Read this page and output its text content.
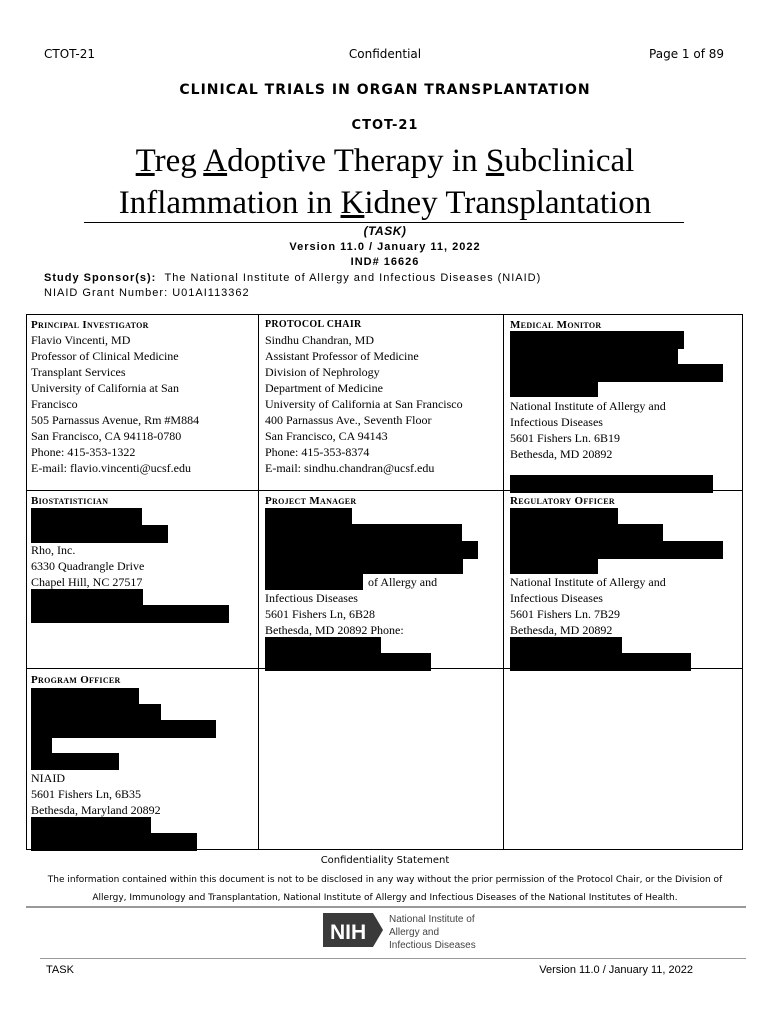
CTOT-21	Confidential	Page 1 of 89
CLINICAL TRIALS IN ORGAN TRANSPLANTATION
CTOT-21
Treg Adoptive Therapy in Subclinical
Inflammation in Kidney Transplantation
(TASK)
Version 11.0 / January 11, 2022
IND# 16626
Study Sponsor(s): The National Institute of Allergy and Infectious Diseases (NIAID)
NIAID Grant Number: U01AI113362
Principal Investigator
Flavio Vincenti, MD
Professor of Clinical Medicine
Transplant Services
University of California at San
Francisco
505 Parnassus Avenue, Rm #M884
San Francisco, CA 94118-0780
Phone: 415-353-1322
E-mail: flavio.vincenti@ucsf.edu
PROTOCOL CHAIR
Sindhu Chandran, MD
Assistant Professor of Medicine
Division of Nephrology
Department of Medicine
University of California at San Francisco
400 Parnassus Ave., Seventh Floor
San Francisco, CA 94143
Phone: 415-353-8374
E-mail: sindhu.chandran@ucsf.edu
Medical Monitor
National Institute of Allergy and
Infectious Diseases
5601 Fishers Ln. 6B19
Bethesda, MD 20892
Biostatistician
Rho, Inc.
6330 Quadrangle Drive
Chapel Hill, NC 27517
Project Manager
of Allergy and
Infectious Diseases
5601 Fishers Ln, 6B28
Bethesda, MD 20892 Phone:
Regulatory Officer
National Institute of Allergy and
Infectious Diseases
5601 Fishers Ln. 7B29
Bethesda, MD 20892
Program Officer
NIAID
5601 Fishers Ln, 6B35
Bethesda, Maryland 20892
Confidentiality Statement
The information contained within this document is not to be disclosed in any way without the prior permission of the Protocol Chair, or the Division of Allergy, Immunology and Transplantation, National Institute of Allergy and Infectious Diseases of the National Institutes of Health.
NIH
National Institute of
Allergy and
Infectious Diseases
TASK	Version 11.0 / January 11, 2022
